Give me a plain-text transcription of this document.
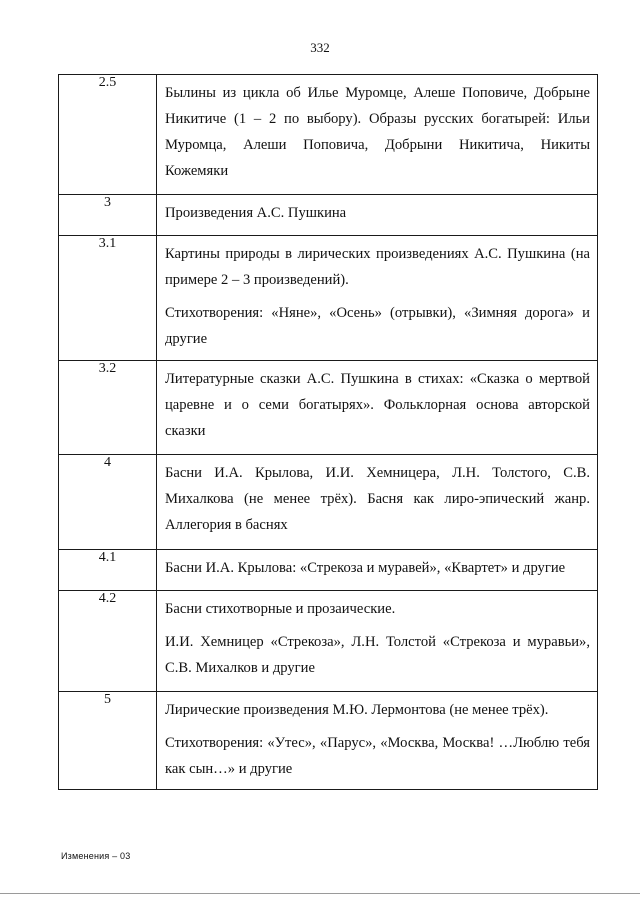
332
2.5	Былины из цикла об Илье Муромце, Алеше Поповиче, Добрыне Никитиче (1 – 2 по выбору). Образы русских богатырей: Ильи Муромца, Алеши Поповича, Добрыни Никитича, Никиты Кожемяки

3	Произведения А.С. Пушкина

3.1	Картины природы в лирических произведениях А.С. Пушкина (на примере 2 – 3 произведений).

Стихотворения: «Няне», «Осень» (отрывки), «Зимняя дорога» и другие

3.2	Литературные сказки А.С. Пушкина в стихах: «Сказка о мертвой царевне и о семи богатырях». Фольклорная основа авторской сказки

4	Басни И.А. Крылова, И.И. Хемницера, Л.Н. Толстого, С.В. Михалкова (не менее трёх). Басня как лиро-эпический жанр. Аллегория в баснях

4.1	Басни И.А. Крылова: «Стрекоза и муравей», «Квартет» и другие

4.2	Басни стихотворные и прозаические.

И.И. Хемницер «Стрекоза», Л.Н. Толстой «Стрекоза и муравьи», С.В. Михалков и другие

5	Лирические произведения М.Ю. Лермонтова (не менее трёх).

Стихотворения: «Утес», «Парус», «Москва, Москва! …Люблю тебя как сын…» и другие

Изменения – 03
